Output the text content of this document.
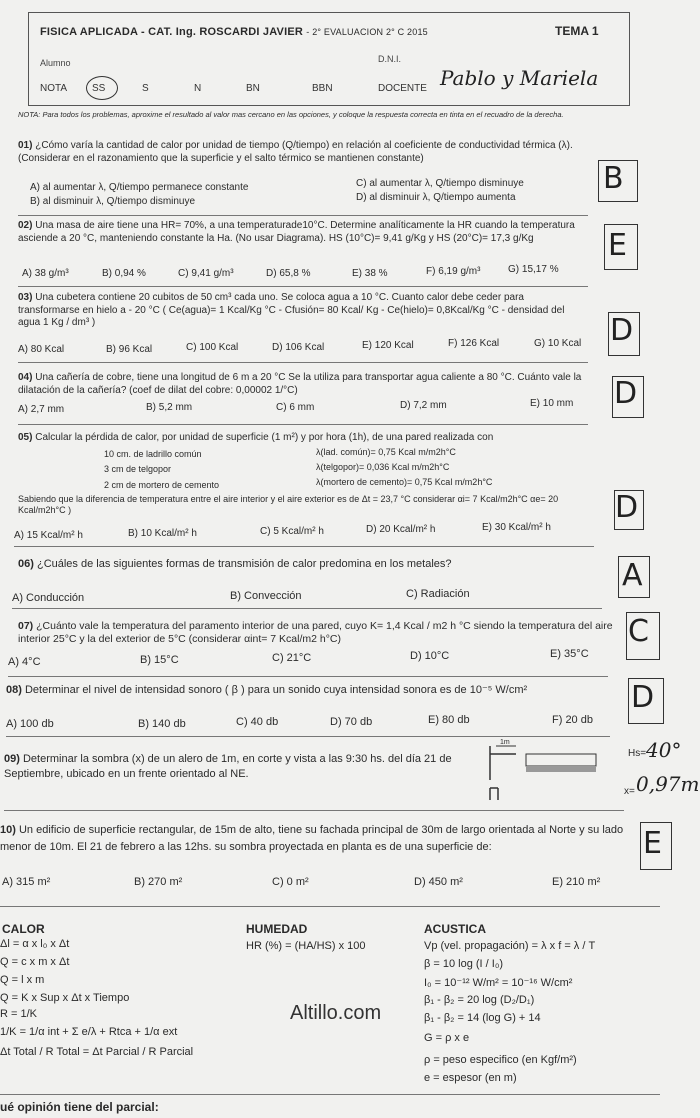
FISICA APLICADA - CAT. Ing. ROSCARDI JAVIER - 2° EVALUACION 2° C 2015	TEMA 1
Alumno	D.N.I.
NOTA SS	S	N	BN	BBN	DOCENTE Pablo y Mariela
NOTA: Para todos los problemas, aproxime el resultado al valor mas cercano en las opciones, y coloque la respuesta correcta en tinta en el recuadro de la derecha.
01) ¿Cómo varía la cantidad de calor por unidad de tiempo (Q/tiempo) en relación al coeficiente de conductividad térmica (λ). (Considerar en el razonamiento que la superficie y el salto térmico se mantienen constante)
A) al aumentar λ, Q/tiempo permanece constante	C) al aumentar λ, Q/tiempo disminuye
B) al disminuir λ, Q/tiempo disminuye	D) al disminuir λ, Q/tiempo aumenta
B
02) Una masa de aire tiene una HR= 70%, a una temperaturade10°C. Determine analíticamente la HR cuando la temperatura asciende a 20 °C, manteniendo constante la Ha. (No usar Diagrama). HS (10°C)= 9,41 g/Kg y HS (20°C)= 17,3 g/Kg
A) 38 g/m³	B) 0,94 %	C) 9,41 g/m³	D) 65,8 %	E) 38 %	F) 6,19 g/m³	G) 15,17 %
E
03) Una cubetera contiene 20 cubitos de 50 cm³ cada uno. Se coloca agua a 10 °C. Cuanto calor debe ceder para transformarse en hielo a - 20 °C ( Ce(agua)= 1 Kcal/Kg °C - Cfusión= 80 Kcal/ Kg - Ce(hielo)= 0,8Kcal/Kg °C - densidad del agua 1 Kg / dm³ )
A) 80 Kcal	B) 96 Kcal	C) 100 Kcal	D) 106 Kcal	E) 120 Kcal	F) 126 Kcal	G) 10 Kcal D
04) Una cañería de cobre, tiene una longitud de 6 m a 20 °C Se la utiliza para transportar agua caliente a 80 °C. Cuánto vale la dilatación de la cañería? (coef de dilat del cobre: 0,00002 1/°C)
A) 2,7 mm	B) 5,2 mm	C) 6 mm	D) 7,2 mm	E) 10 mm D
05) Calcular la pérdida de calor, por unidad de superficie (1 m²) y por hora (1h), de una pared realizada con
10 cm. de ladrillo común
3 cm de telgopor
2 cm de mortero de cemento
λ(lad. común)= 0,75 Kcal m/m2h°C
λ(telgopor)= 0,036 Kcal m/m2h°C
λ(mortero de cemento)= 0,75 Kcal m/m2h°C
Sabiendo que la diferencia de temperatura entre el aire interior y el aire exterior es de Δt = 23,7 °C considerar αi= 7 Kcal/m2h°C αe= 20 Kcal/m2h°C )
A) 15 Kcal/m² h	B) 10 Kcal/m² h	C) 5 Kcal/m² h	D) 20 Kcal/m² h	E) 30 Kcal/m² h
D
06) ¿Cuáles de las siguientes formas de transmisión de calor predomina en los metales?
A) Conducción	B) Convección	C) Radiación
A
07) ¿Cuánto vale la temperatura del paramento interior de una pared, cuyo K= 1,4 Kcal / m2 h °C siendo la temperatura del aire interior 25°C y la del exterior de 5°C (considerar αint= 7 Kcal/m2 h°C)
A) 4°C	B) 15°C	C) 21°C	D) 10°C	E) 35°C
C
08) Determinar el nivel de intensidad sonoro ( β ) para un sonido cuya intensidad sonora es de 10⁻⁵ W/cm²
A) 100 db	B) 140 db	C) 40 db	D) 70 db	E) 80 db	F) 20 db
D
09) Determinar la sombra (x) de un alero de 1m, en corte y vista a las 9:30 hs. del día 21 de Septiembre, ubicado en un frente orientado al NE.
1m
Hs= 40°
x= 0,97m
10) Un edificio de superficie rectangular, de 15m de alto, tiene su fachada principal de 30m de largo orientada al Norte y su lado menor de 10m. El 21 de febrero a las 12hs. su sombra proyectada en planta es de una superficie de:
A) 315 m²	B) 270 m²	C) 0 m²	D) 450 m²	E) 210 m²
E
CALOR
Δl = α x l₀ x Δt
Q = c x m x Δt
Q = l x m
Q = K x Sup x Δt x Tiempo
R = 1/K
1/K = 1/α int + Σ e/λ + Rtca + 1/α ext
Δt Total / R Total = Δt Parcial / R Parcial
HUMEDAD
HR (%) = (HA/HS) x 100
ACUSTICA
Vp (vel. propagación) = λ x f = λ / T
β = 10 log (I / I₀)
I₀ = 10⁻¹² W/m² = 10⁻¹⁶ W/cm²
β₁ - β₂ = 20 log (D₂/D₁)
β₁ - β₂ = 14 (log G) + 14
G = ρ x e
ρ = peso especifico (en Kgf/m²)
e = espesor (en m)
Altillo.com
ué opinión tiene del parcial:
